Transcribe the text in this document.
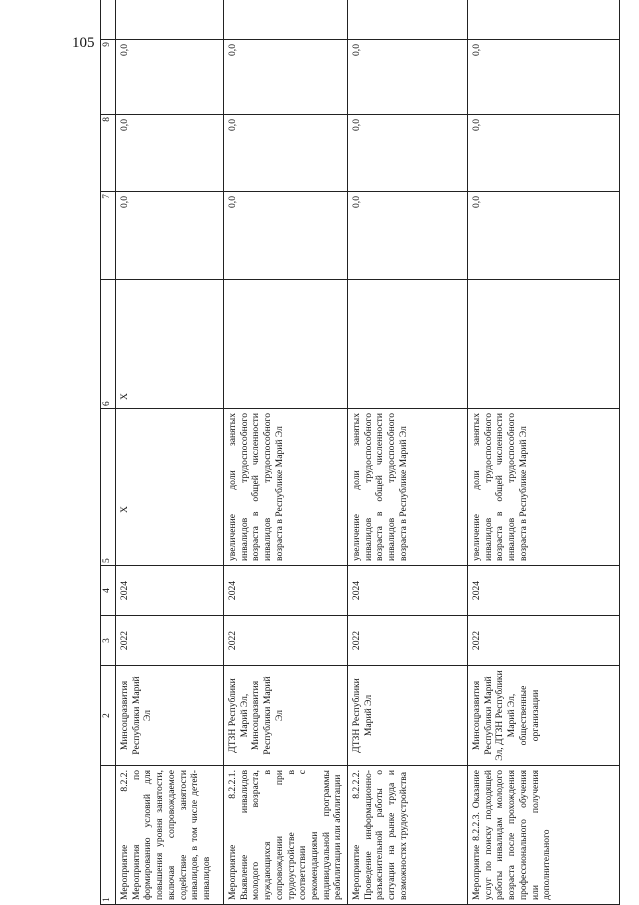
105
1	2	3	4	5	6	7	8	9	
Мероприятие 8.2.2. Мероприятия по формированию условий для повышения уровня занятости, включая сопровождаемое содействие занятости инвалидов, в том числе детей-инвалидов	Минсоцразвития Республики Марий Эл	2022	2024	Х	Х	0,0	0,0	0,0	
Мероприятие 8.2.2.1. Выявление инвалидов молодого возраста, нуждающихся в сопровождении при трудоустройстве в соответствии с рекомендациями индивидуальной программы реабилитации или абилитации	ДТЗН Республики Марий Эл, Минсоцразвития Республики Марий Эл	2022	2024	увеличение доли занятых инвалидов трудоспособного возраста в общей численности инвалидов трудоспособного возраста в Республике Марий Эл		0,0	0,0	0,0	
Мероприятие 8.2.2.2. Проведение информационно-разъяснительной работы о ситуации на рынке труда и возможностях трудоустройства	ДТЗН Республики Марий Эл	2022	2024	увеличение доли занятых инвалидов трудоспособного возраста в общей численности инвалидов трудоспособного возраста в Республике Марий Эл		0,0	0,0	0,0	
Мероприятие 8.2.2.3. Оказание услуг по поиску подходящей работы инвалидам молодого возраста после прохождения профессионального обучения или получения дополнительного	Минсоцразвития Республики Марий Эл, ДТЗН Республики Марий Эл, общественные организации	2022	2024	увеличение доли занятых инвалидов трудоспособного возраста в общей численности инвалидов трудоспособного возраста в Республике Марий Эл		0,0	0,0	0,0	
